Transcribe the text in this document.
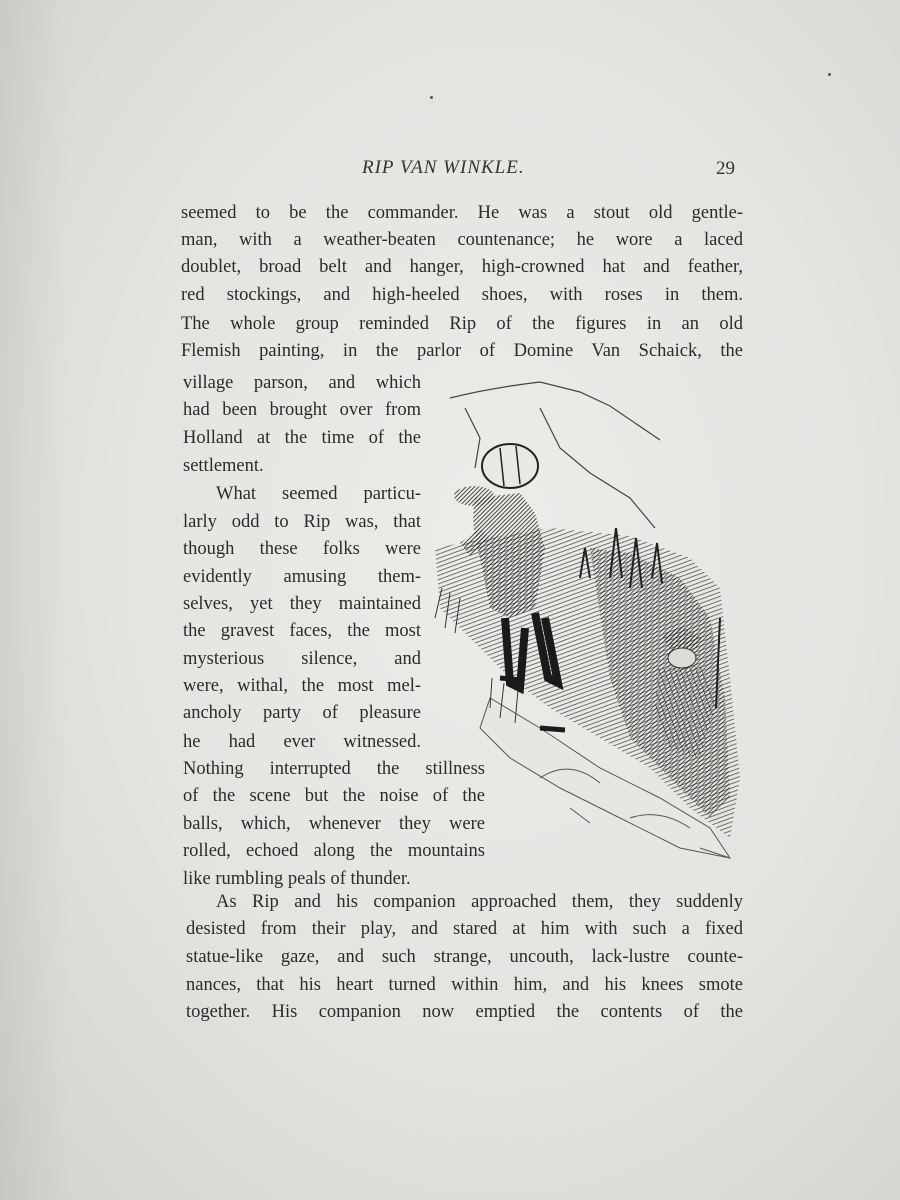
RIP VAN WINKLE.	29
seemed to be the commander. He was a stout old gentle-
man, with a weather-beaten countenance; he wore a laced
doublet, broad belt and hanger, high-crowned hat and feather,
red stockings, and high-heeled shoes, with roses in them.
The whole group reminded Rip of the figures in an old
Flemish painting, in the parlor of Domine Van Schaick, the
village parson, and which
had been brought over from
Holland at the time of the
settlement.
What seemed particu-
larly odd to Rip was, that
though these folks were
evidently amusing them-
selves, yet they maintained
the gravest faces, the most
mysterious silence, and
were, withal, the most mel-
ancholy party of pleasure
he had ever witnessed.
Nothing interrupted the stillness
of the scene but the noise of the
balls, which, whenever they were
rolled, echoed along the mountains
like rumbling peals of thunder.
As Rip and his companion approached them, they suddenly
desisted from their play, and stared at him with such a fixed
statue-like gaze, and such strange, uncouth, lack-lustre counte-
nances, that his heart turned within him, and his knees smote
together. His companion now emptied the contents of the
